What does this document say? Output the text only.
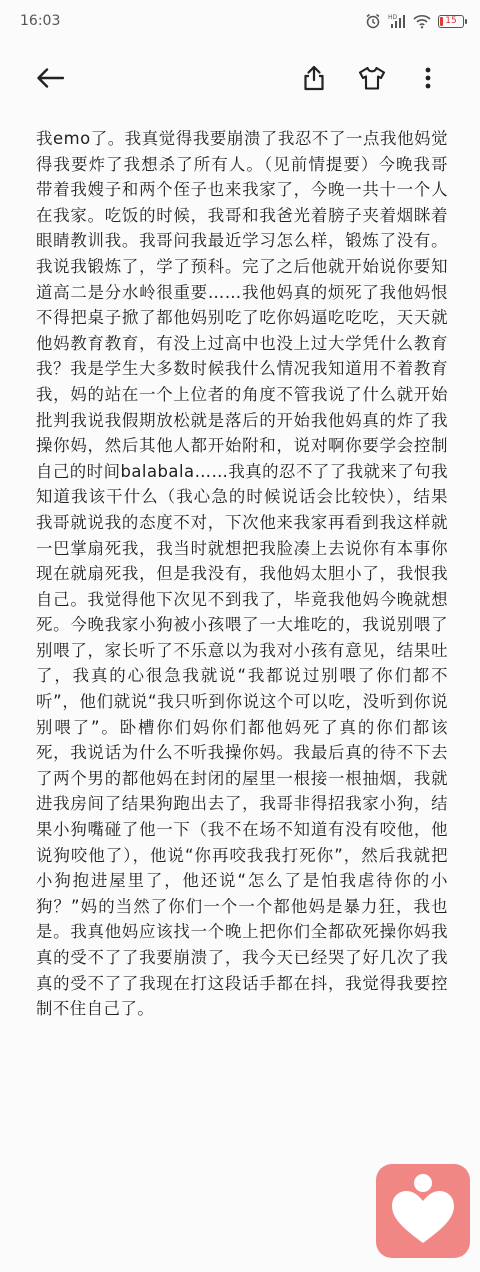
16:03	HD	15
我emo了。我真觉得我要崩溃了我忍不了一点我他妈觉得我要炸了我想杀了所有人。（见前情提要）今晚我哥带着我嫂子和两个侄子也来我家了，今晚一共十一个人在我家。吃饭的时候，我哥和我爸光着膀子夹着烟眯着眼睛教训我。我哥问我最近学习怎么样，锻炼了没有。我说我锻炼了，学了预科。完了之后他就开始说你要知道高二是分水岭很重要……我他妈真的烦死了我他妈恨不得把桌子掀了都他妈别吃了吃你妈逼吃吃吃，天天就他妈教育教育，有没上过高中也没上过大学凭什么教育我？我是学生大多数时候我什么情况我知道用不着教育我，妈的站在一个上位者的角度不管我说了什么就开始批判我说我假期放松就是落后的开始我他妈真的炸了我操你妈，然后其他人都开始附和，说对啊你要学会控制自己的时间balabala……我真的忍不了了我就来了句我知道我该干什么（我心急的时候说话会比较快），结果我哥就说我的态度不对，下次他来我家再看到我这样就一巴掌扇死我，我当时就想把我脸凑上去说你有本事你现在就扇死我，但是我没有，我他妈太胆小了，我恨我自己。我觉得他下次见不到我了，毕竟我他妈今晚就想死。今晚我家小狗被小孩喂了一大堆吃的，我说别喂了别喂了，家长听了不乐意以为我对小孩有意见，结果吐了，我真的心很急我就说“我都说过别喂了你们都不听”，他们就说“我只听到你说这个可以吃，没听到你说别喂了”。卧槽你们妈你们都他妈死了真的你们都该死，我说话为什么不听我操你妈。我最后真的待不下去了两个男的都他妈在封闭的屋里一根接一根抽烟，我就进我房间了结果狗跑出去了，我哥非得招我家小狗，结果小狗嘴碰了他一下（我不在场不知道有没有咬他，他说狗咬他了），他说“你再咬我我打死你”，然后我就把小狗抱进屋里了，他还说“怎么了是怕我虐待你的小狗？”妈的当然了你们一个一个都他妈是暴力狂，我也是。我真他妈应该找一个晚上把你们全都砍死操你妈我真的受不了了我要崩溃了，我今天已经哭了好几次了我真的受不了了我现在打这段话手都在抖，我觉得我要控制不住自己了。
